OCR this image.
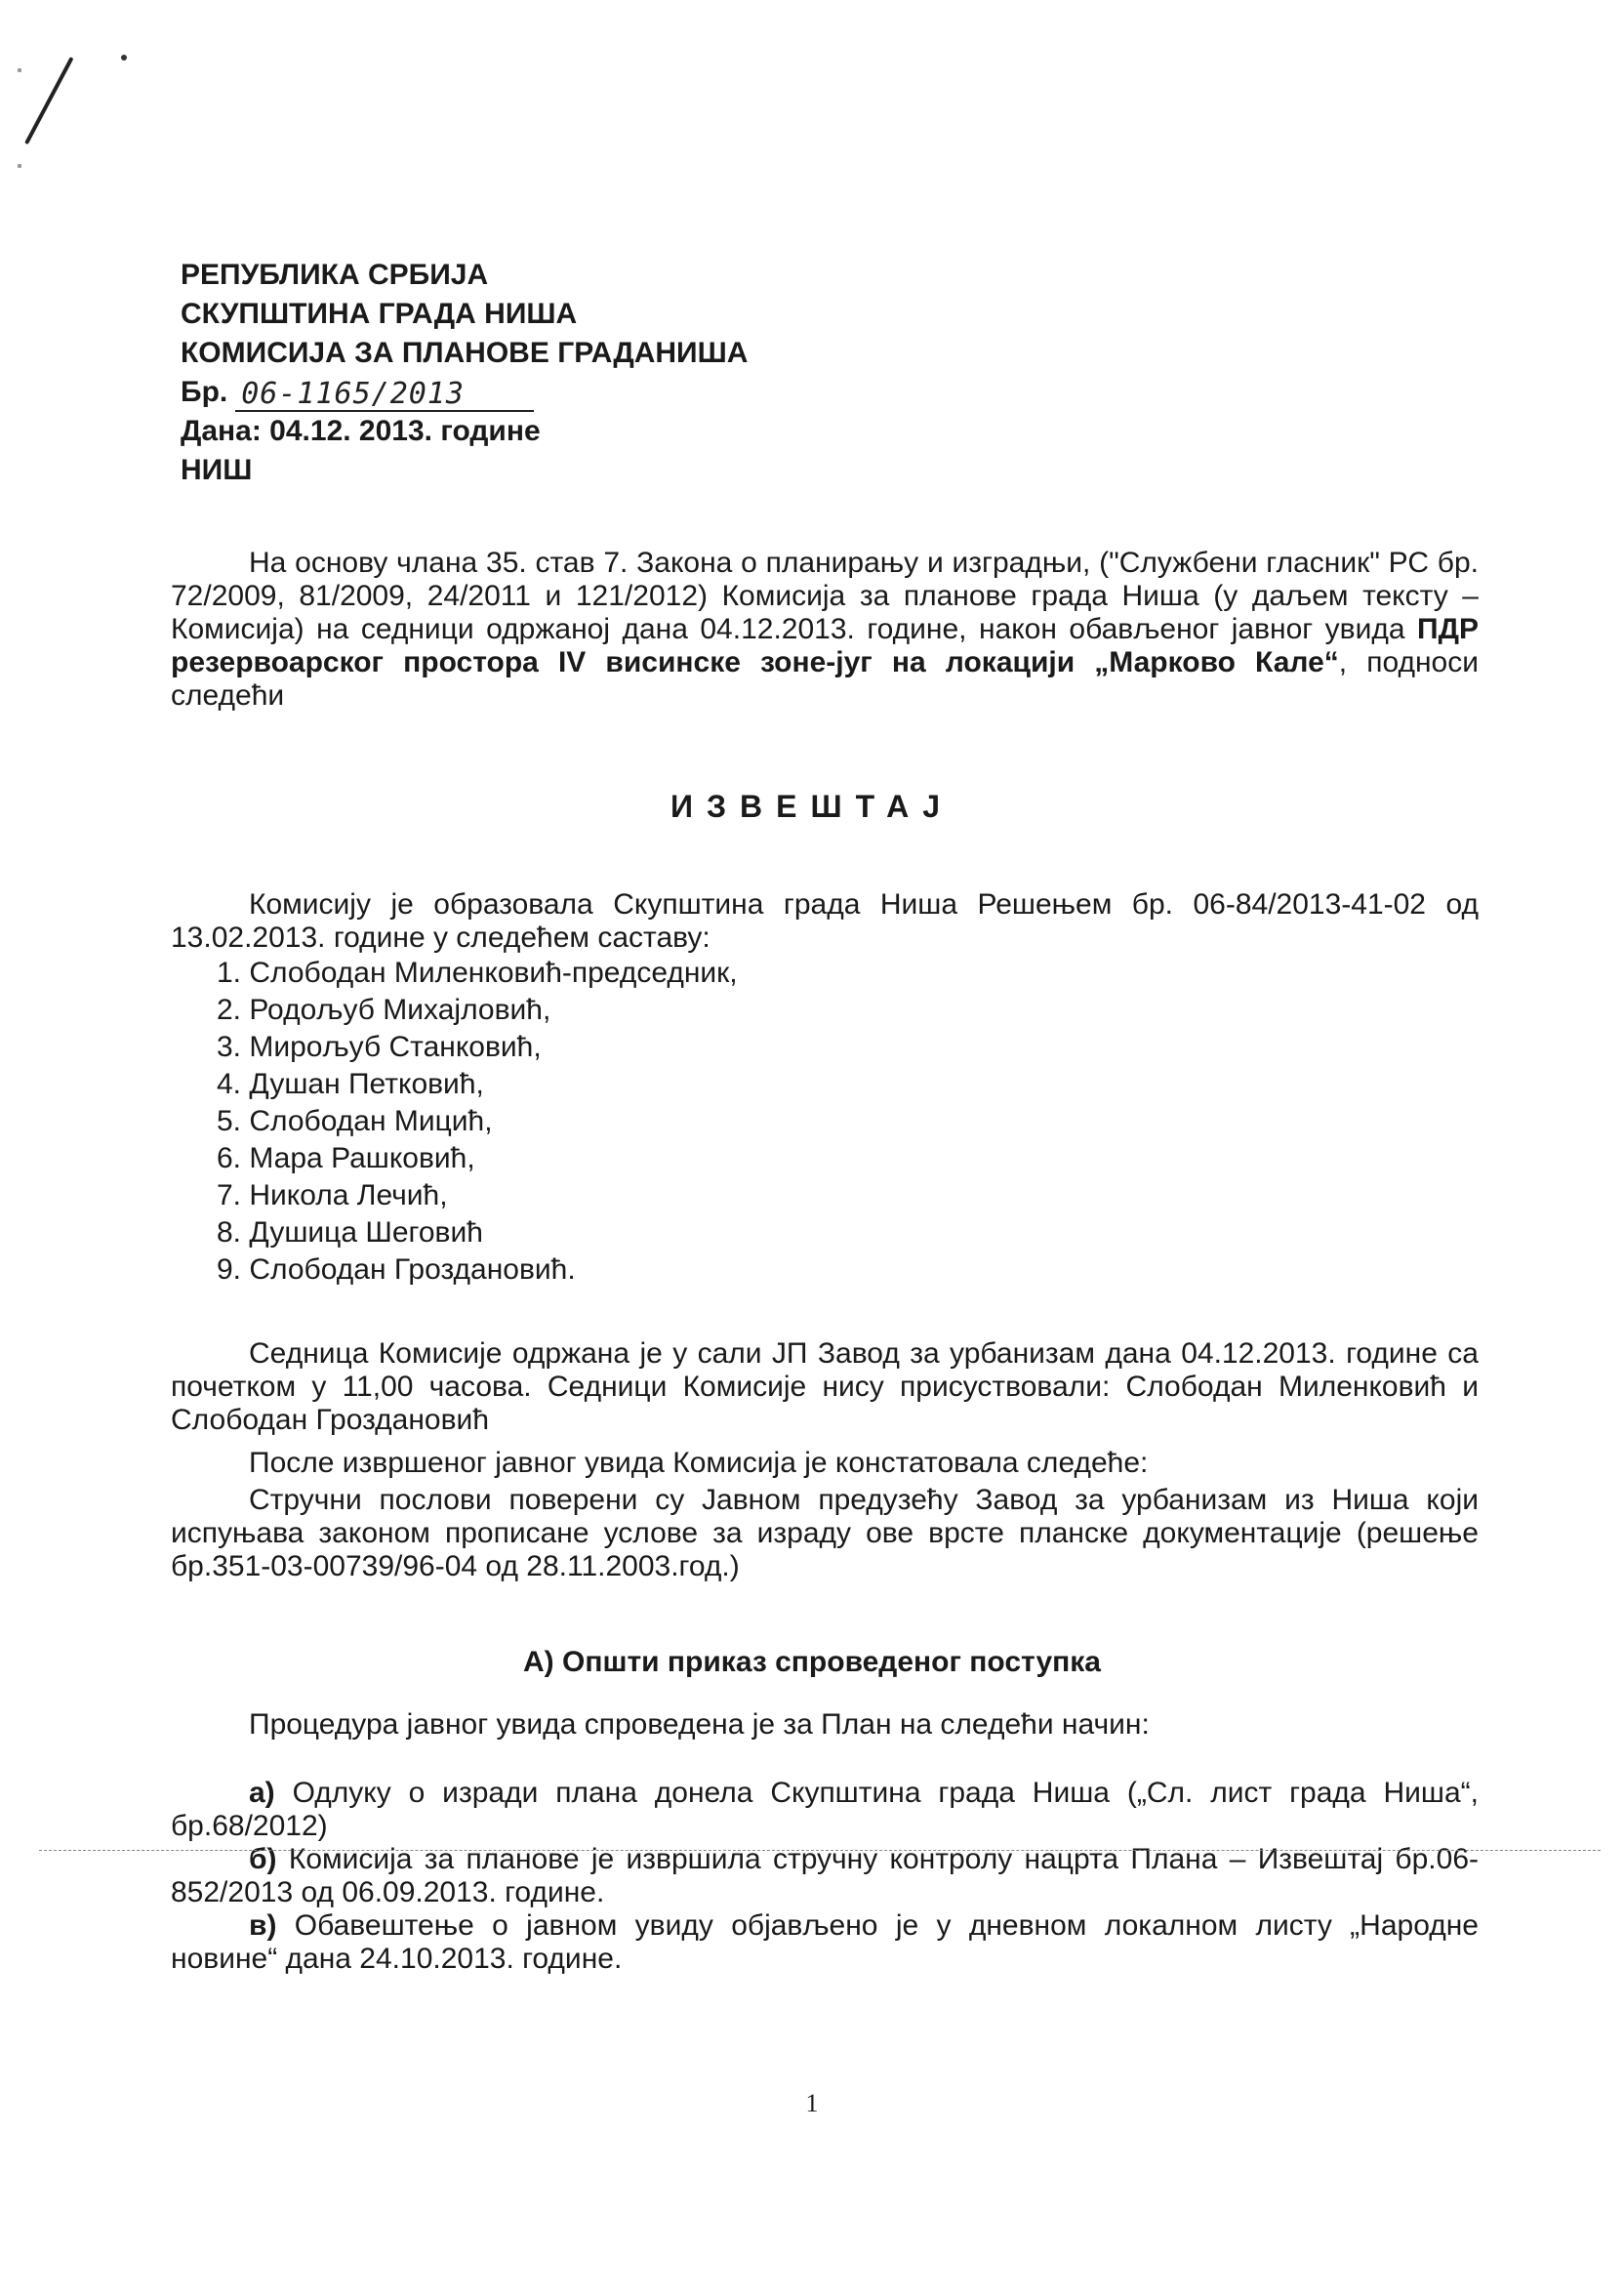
РЕПУБЛИКА СРБИЈА
СКУПШТИНА ГРАДА НИША
КОМИСИЈА ЗА ПЛАНОВЕ ГРАДАНИША
Бр. 06-1165/2013
Дана: 04.12. 2013. године
НИШ
На основу члана 35. став 7. Закона о планирању и изградњи, ("Службени гласник" РС бр. 72/2009, 81/2009, 24/2011 и 121/2012) Комисија за планове града Ниша (у даљем тексту – Комисија) на седници одржаној дана 04.12.2013. године, након обављеног јавног увида ПДР резервоарског простора IV висинске зоне-југ на локацији „Марково Кале“, подноси следећи
ИЗВЕШТАЈ
Комисију је образовала Скупштина града Ниша Решењем бр. 06-84/2013-41-02 од 13.02.2013. године у следећем саставу:
1. Слободан Миленковић-председник,
2. Родољуб Михајловић,
3. Мирољуб Станковић,
4. Душан Петковић,
5. Слободан Мицић,
6. Мара Рашковић,
7. Никола Лечић,
8. Душица Шеговић
9. Слободан Гроздановић.
Седница Комисије одржана је у сали ЈП Завод за урбанизам дана 04.12.2013. године са почетком у 11,00 часова. Седници Комисије нису присуствовали: Слободан Миленковић и Слободан Гроздановић
После извршеног јавног увида Комисија је констатовала следеће:
Стручни послови поверени су Јавном предузећу Завод за урбанизам из Ниша који испуњава законом прописане услове за израду ове врсте планске документације (решење бр.351-03-00739/96-04 од 28.11.2003.год.)
А) Општи приказ спроведеног поступка
Процедура јавног увида спроведена је за План на следећи начин:
а) Одлуку о изради плана донела Скупштина града Ниша („Сл. лист града Ниша“, бр.68/2012)
б) Комисија за планове је извршила стручну контролу нацрта Плана – Извештај бр.06-852/2013 од 06.09.2013. године.
в) Обавештење о јавном увиду објављено је у дневном локалном листу „Народне новине“ дана 24.10.2013. године.
1
